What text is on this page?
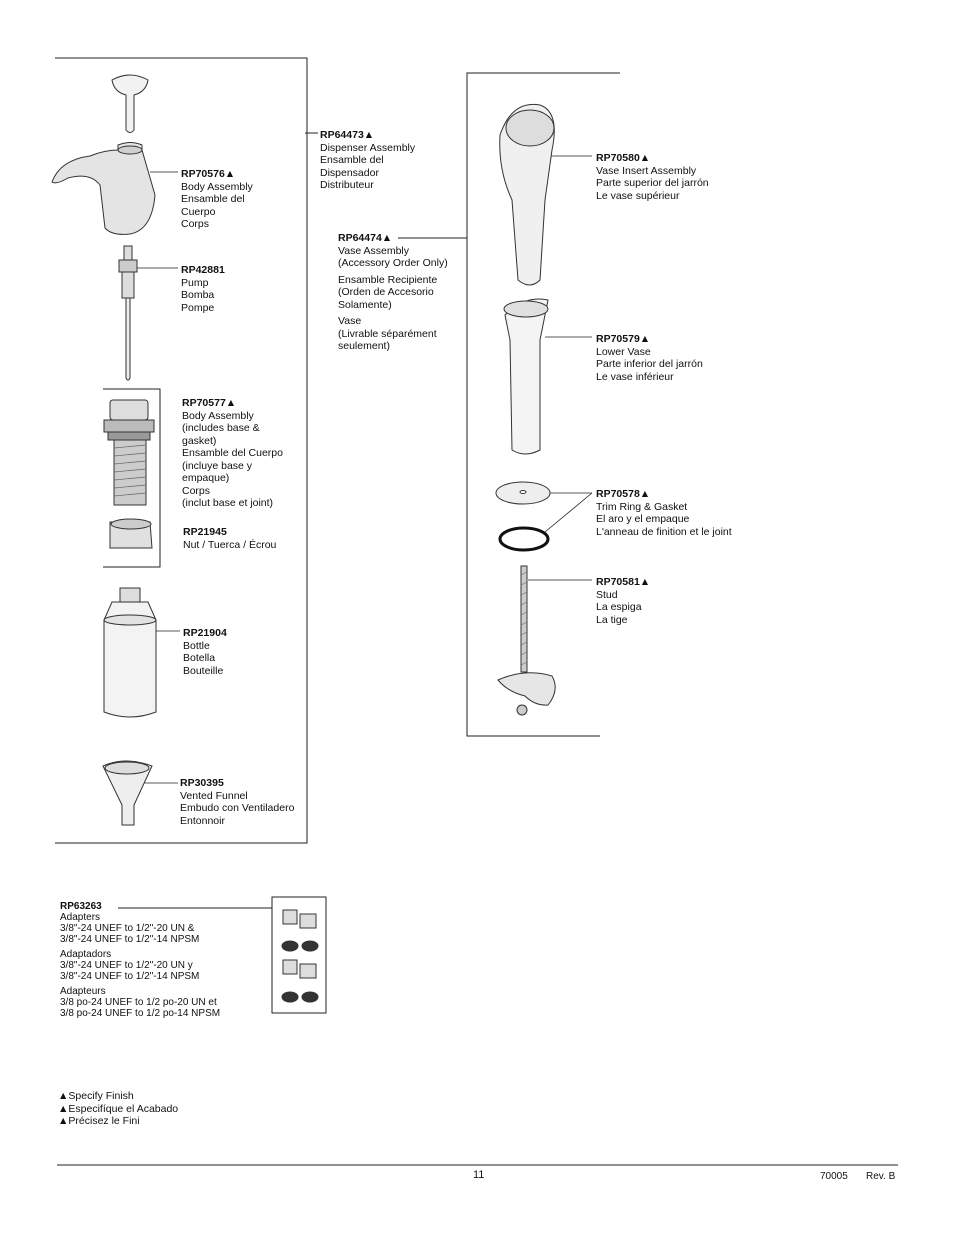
RP70576▲
Body Assembly
Ensamble del
Cuerpo
Corps
RP42881
Pump
Bomba
Pompe
RP70577▲
Body Assembly
(includes base &
gasket)
Ensamble del Cuerpo
(incluye base y
empaque)
Corps
(inclut base et joint)
RP21945
Nut / Tuerca / Écrou
RP21904
Bottle
Botella
Bouteille
RP30395
Vented Funnel
Embudo con Ventiladero
Entonnoir
RP64473▲
Dispenser Assembly
Ensamble del
Dispensador
Distributeur
RP64474▲
Vase Assembly
(Accessory Order Only)
Ensamble Recipiente
(Orden de Accesorio
Solamente)
Vase
(Livrable séparément
seulement)
RP70580▲
Vase Insert Assembly
Parte superior del jarrón
Le vase supérieur
RP70579▲
Lower Vase
Parte inferior del jarrón
Le vase inférieur
RP70578▲
Trim Ring & Gasket
El aro y el empaque
L'anneau de finition et le joint
RP70581▲
Stud
La espiga
La tige
RP63263
Adapters
3/8"-24 UNEF to 1/2"-20 UN &
3/8"-24 UNEF to 1/2"-14 NPSM
Adaptadors
3/8"-24 UNEF to 1/2"-20 UN y
3/8"-24 UNEF to 1/2"-14 NPSM
Adapteurs
3/8 po-24 UNEF to 1/2 po-20 UN et
3/8 po-24 UNEF to 1/2 po-14 NPSM
▲Specify Finish
▲Especifíque el Acabado
▲Précisez le Fini
11	70005 Rev. B
